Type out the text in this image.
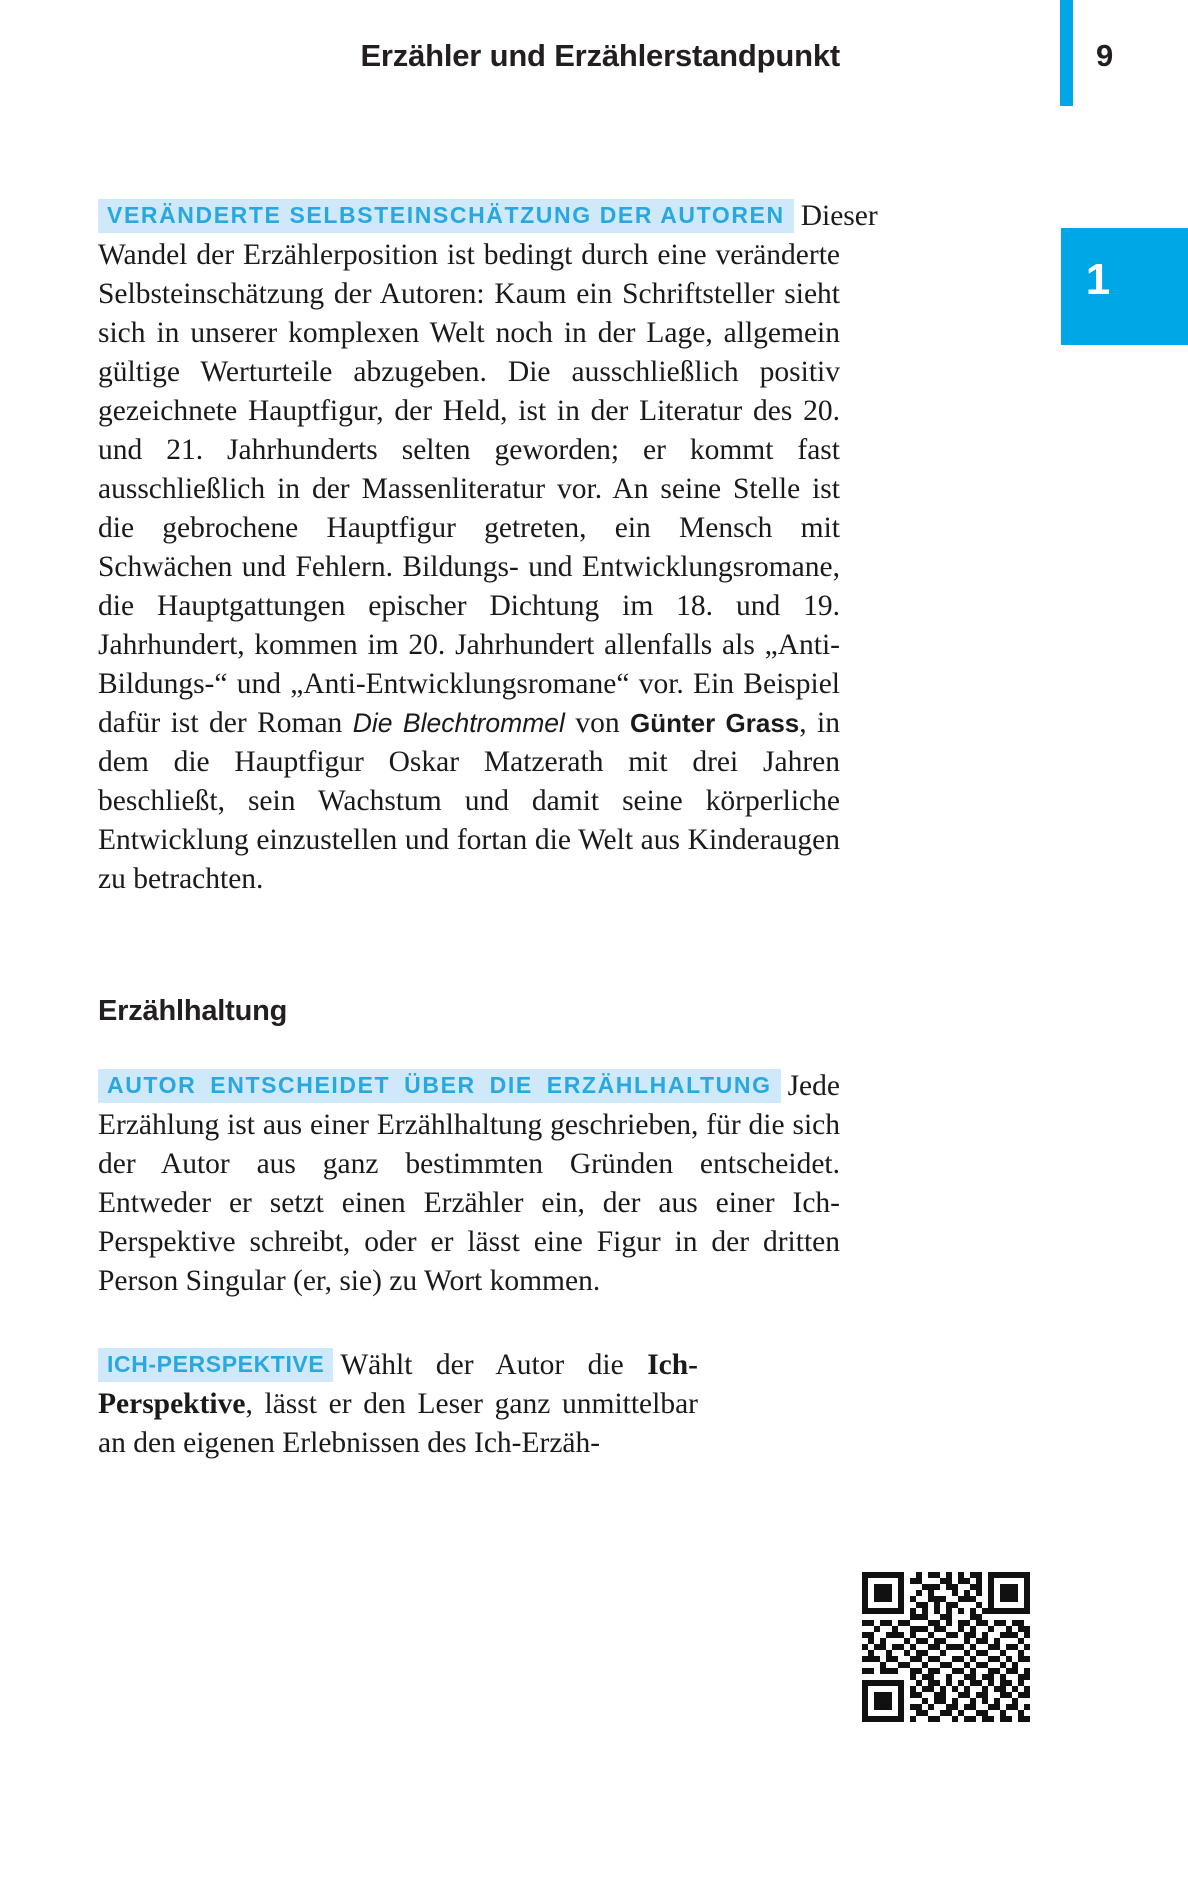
Erzähler und Erzählerstandpunkt	9
1

VERÄNDERTE SELBSTEINSCHÄTZUNG DER AUTOREN Dieser Wandel der Erzählerposition ist bedingt durch eine veränderte Selbsteinschätzung der Autoren: Kaum ein Schriftsteller sieht sich in unserer komplexen Welt noch in der Lage, allgemein gültige Werturteile abzugeben. Die ausschließlich positiv gezeichnete Hauptfigur, der Held, ist in der Literatur des 20. und 21. Jahrhunderts selten geworden; er kommt fast ausschließlich in der Massenliteratur vor. An seine Stelle ist die gebrochene Hauptfigur getreten, ein Mensch mit Schwächen und Fehlern. Bildungs- und Entwicklungsromane, die Hauptgattungen epischer Dichtung im 18. und 19. Jahrhundert, kommen im 20. Jahrhundert allenfalls als „Anti-Bildungs-“ und „Anti-Entwicklungsromane“ vor. Ein Beispiel dafür ist der Roman Die Blechtrommel von Günter Grass, in dem die Hauptfigur Oskar Matzerath mit drei Jahren beschließt, sein Wachstum und damit seine körperliche Entwicklung einzustellen und fortan die Welt aus Kinderaugen zu betrachten.

Erzählhaltung

AUTOR ENTSCHEIDET ÜBER DIE ERZÄHLHALTUNG Jede Erzählung ist aus einer Erzählhaltung geschrieben, für die sich der Autor aus ganz bestimmten Gründen entscheidet. Entweder er setzt einen Erzähler ein, der aus einer Ich-Perspektive schreibt, oder er lässt eine Figur in der dritten Person Singular (er, sie) zu Wort kommen.

ICH-PERSPEKTIVE Wählt der Autor die Ich-Perspektive, lässt er den Leser ganz unmittelbar an den eigenen Erlebnissen des Ich-Erzäh-
